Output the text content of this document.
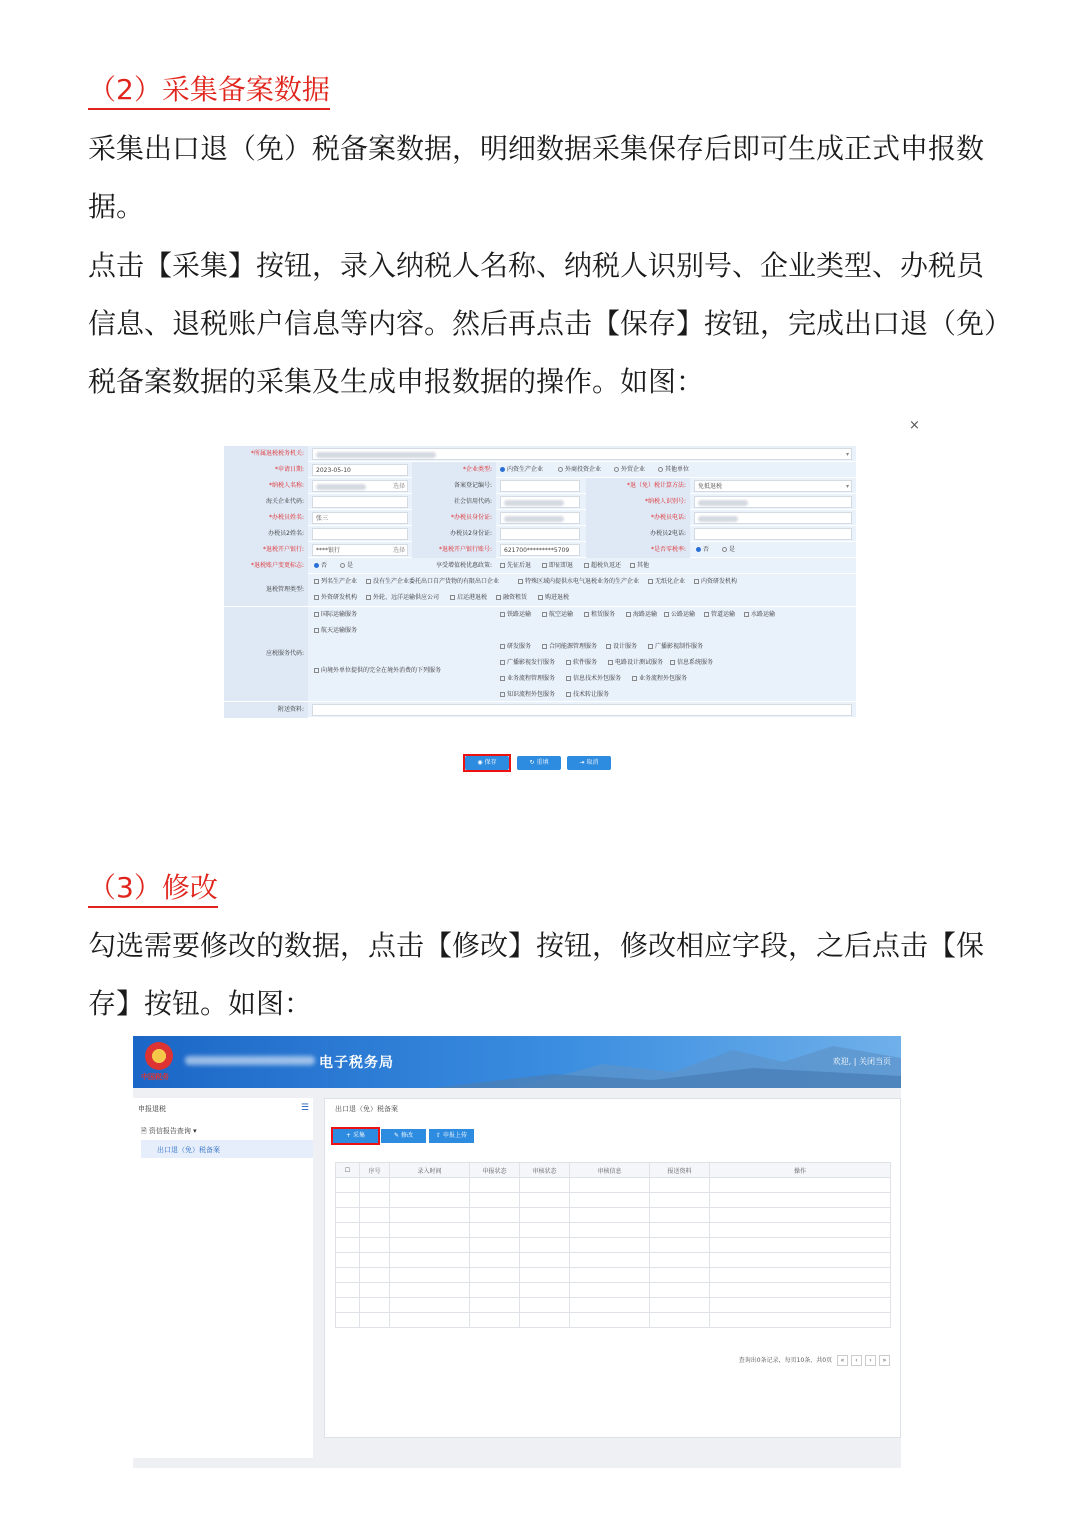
（2）采集备案数据
采集出口退（免）税备案数据，明细数据采集保存后即可生成正式申报数据。
点击【采集】按钮，录入纳税人名称、纳税人识别号、企业类型、办税员信息、退税账户信息等内容。然后再点击【保存】按钮，完成出口退（免）税备案数据的采集及生成申报数据的操作。如图：
×
*所属退税税务机关:	▾
*申请日期:	2023-05-10	*企业类型:	内资生产企业	外商投资企业	外贸企业	其他单位
*纳税人名称:	选择	备案登记编号:	*退（免）税计算方法:	免抵退税	▾
海关企业代码:	社会信用代码:	*纳税人识别号:
*办税员姓名:	张三	*办税员身份证:	*办税员电话:
办税员2姓名:	办税员2身份证:	办税员2电话:
*退税开户银行:	****银行	选择	*退税开户银行账号:	621700*********5709	*是否零税率:	否	是
*退税账户变更标志:	否	是	享受增值税优惠政策:	先征后退	即征即退	超税负返还	其他
退税管理类型:
列名生产企业	没有生产企业委托出口自产货物的有限出口企业	特殊区域内提供水电气退税业务的生产企业	无纸化企业	内资研发机构
外资研发机构	外轮、远洋运输供应公司	启运港退税	融资租赁	购进退税
应税服务代码:
国际运输服务
航天运输服务
向境外单位提供的完全在境外消费的下列服务
铁路运输	航空运输	租赁服务	海路运输	公路运输	管道运输	水路运输
研发服务	合同能源管理服务	设计服务	广播影视制作服务
广播影视发行服务	软件服务	电路设计测试服务	信息系统服务
业务流程管理服务	信息技术外包服务	业务流程外包服务
知识流程外包服务	技术转让服务
附送资料:
◉ 保存	↻ 重填	⇥ 取消
（3）修改
勾选需要修改的数据，点击【修改】按钮，修改相应字段，之后点击【保存】按钮。如图：
中国税务
电子税务局	欢迎, | 关闭当页
申报退税	☰
🗎 资信报告查询 ▾
出口退（免）税备案
出口退（免）税备案
+ 采集	✎ 修改	⇧ 申报上传
☐	序号	录入时间	申报状态	审核状态	审核信息	报送资料	操作

查询出0条记录，每页10条，共0页 « ‹ › »
